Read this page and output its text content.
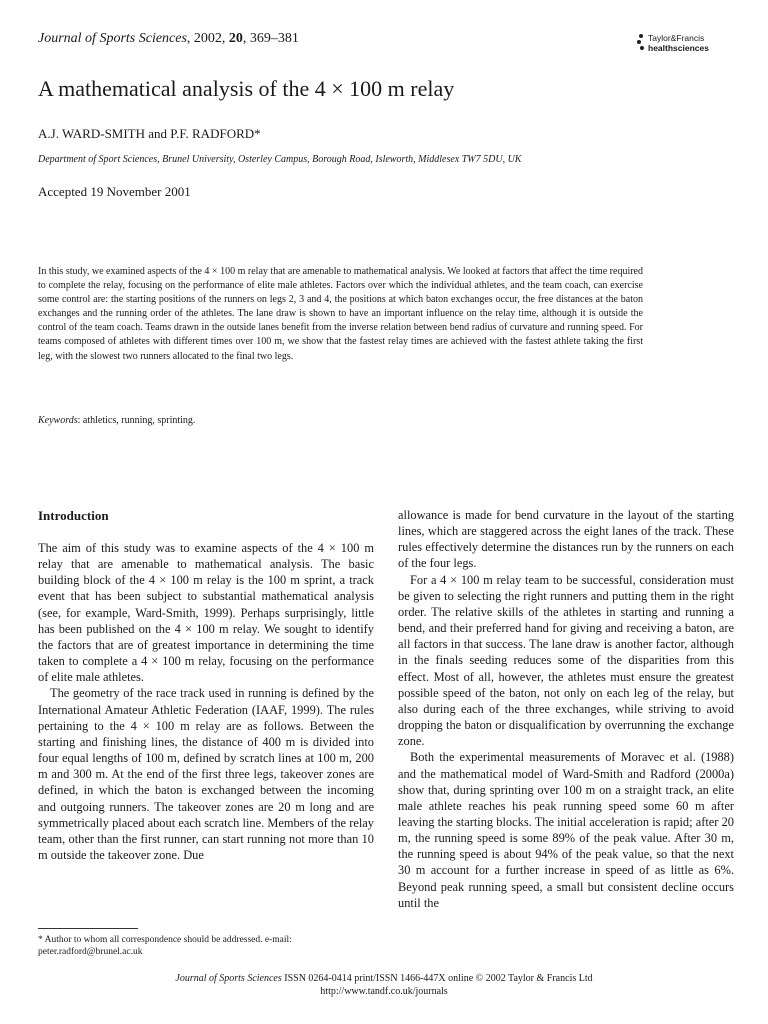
Journal of Sports Sciences, 2002, 20, 369–381	Taylor&Francis
healthsciences
A mathematical analysis of the 4 × 100 m relay
A.J. WARD-SMITH and P.F. RADFORD*
Department of Sport Sciences, Brunel University, Osterley Campus, Borough Road, Isleworth, Middlesex TW7 5DU, UK
Accepted 19 November 2001
In this study, we examined aspects of the 4 × 100 m relay that are amenable to mathematical analysis. We looked at factors that affect the time required to complete the relay, focusing on the performance of elite male athletes. Factors over which the individual athletes, and the team coach, can exercise some control are: the starting positions of the runners on legs 2, 3 and 4, the positions at which baton exchanges occur, the free distances at the baton exchanges and the running order of the athletes. The lane draw is shown to have an important influence on the relay time, although it is outside the control of the team coach. Teams drawn in the outside lanes benefit from the inverse relation between bend radius of curvature and running speed. For teams composed of athletes with different times over 100 m, we show that the fastest relay times are achieved with the fastest athlete taking the first leg, with the slowest two runners allocated to the final two legs.
Keywords: athletics, running, sprinting.
Introduction

The aim of this study was to examine aspects of the 4 × 100 m relay that are amenable to mathematical analysis. The basic building block of the 4 × 100 m relay is the 100 m sprint, a track event that has been subject to substantial mathematical analysis (see, for example, Ward-Smith, 1999). Perhaps surprisingly, little has been published on the 4 × 100 m relay. We sought to identify the factors that are of greatest importance in determining the time taken to complete a 4 × 100 m relay, focusing on the performance of elite male athletes.

The geometry of the race track used in running is defined by the International Amateur Athletic Federation (IAAF, 1999). The rules pertaining to the 4 × 100 m relay are as follows. Between the starting and finishing lines, the distance of 400 m is divided into four equal lengths of 100 m, defined by scratch lines at 100 m, 200 m and 300 m. At the end of the first three legs, takeover zones are defined, in which the baton is exchanged between the incoming and outgoing runners. The takeover zones are 20 m long and are symmetrically placed about each scratch line. Members of the relay team, other than the first runner, can start running not more than 10 m outside the takeover zone. Due

allowance is made for bend curvature in the layout of the starting lines, which are staggered across the eight lanes of the track. These rules effectively determine the distances run by the runners on each of the four legs.

For a 4 × 100 m relay team to be successful, consideration must be given to selecting the right runners and putting them in the right order. The relative skills of the athletes in starting and running a bend, and their preferred hand for giving and receiving a baton, are all factors in that success. The lane draw is another factor, although in the finals seeding reduces some of the disparities from this effect. Most of all, however, the athletes must ensure the greatest possible speed of the baton, not only on each leg of the relay, but also during each of the three exchanges, while striving to avoid dropping the baton or disqualification by overrunning the exchange zone.

Both the experimental measurements of Moravec et al. (1988) and the mathematical model of Ward-Smith and Radford (2000a) show that, during sprinting over 100 m on a straight track, an elite male athlete reaches his peak running speed some 60 m after leaving the starting blocks. The initial acceleration is rapid; after 20 m, the running speed is some 89% of the peak value. After 30 m, the running speed is about 94% of the peak value, so that the next 30 m account for a further increase in speed of as little as 6%. Beyond peak running speed, a small but consistent decline occurs until the

* Author to whom all correspondence should be addressed. e-mail: peter.radford@brunel.ac.uk
Journal of Sports Sciences ISSN 0264-0414 print/ISSN 1466-447X online © 2002 Taylor & Francis Ltd
http://www.tandf.co.uk/journals
